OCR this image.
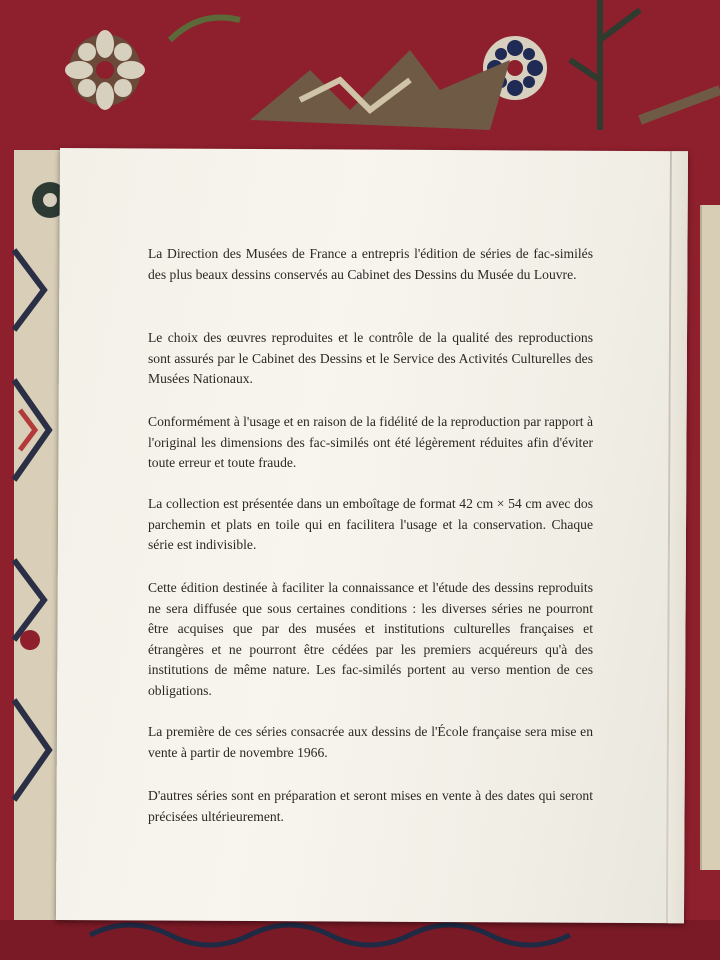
La Direction des Musées de France a entrepris l'édition de séries de fac-similés des plus beaux dessins conservés au Cabinet des Dessins du Musée du Louvre.

Le choix des œuvres reproduites et le contrôle de la qualité des reproductions sont assurés par le Cabinet des Dessins et le Service des Activités Culturelles des Musées Nationaux.

Conformément à l'usage et en raison de la fidélité de la reproduction par rapport à l'original les dimensions des fac-similés ont été légèrement réduites afin d'éviter toute erreur et toute fraude.

La collection est présentée dans un emboîtage de format 42 cm × 54 cm avec dos parchemin et plats en toile qui en facilitera l'usage et la conservation. Chaque série est indivisible.

Cette édition destinée à faciliter la connaissance et l'étude des dessins reproduits ne sera diffusée que sous certaines conditions : les diverses séries ne pourront être acquises que par des musées et institutions culturelles françaises et étrangères et ne pourront être cédées par les premiers acquéreurs qu'à des institutions de même nature. Les fac-similés portent au verso mention de ces obligations.

La première de ces séries consacrée aux dessins de l'École française sera mise en vente à partir de novembre 1966.

D'autres séries sont en préparation et seront mises en vente à des dates qui seront précisées ultérieurement.
